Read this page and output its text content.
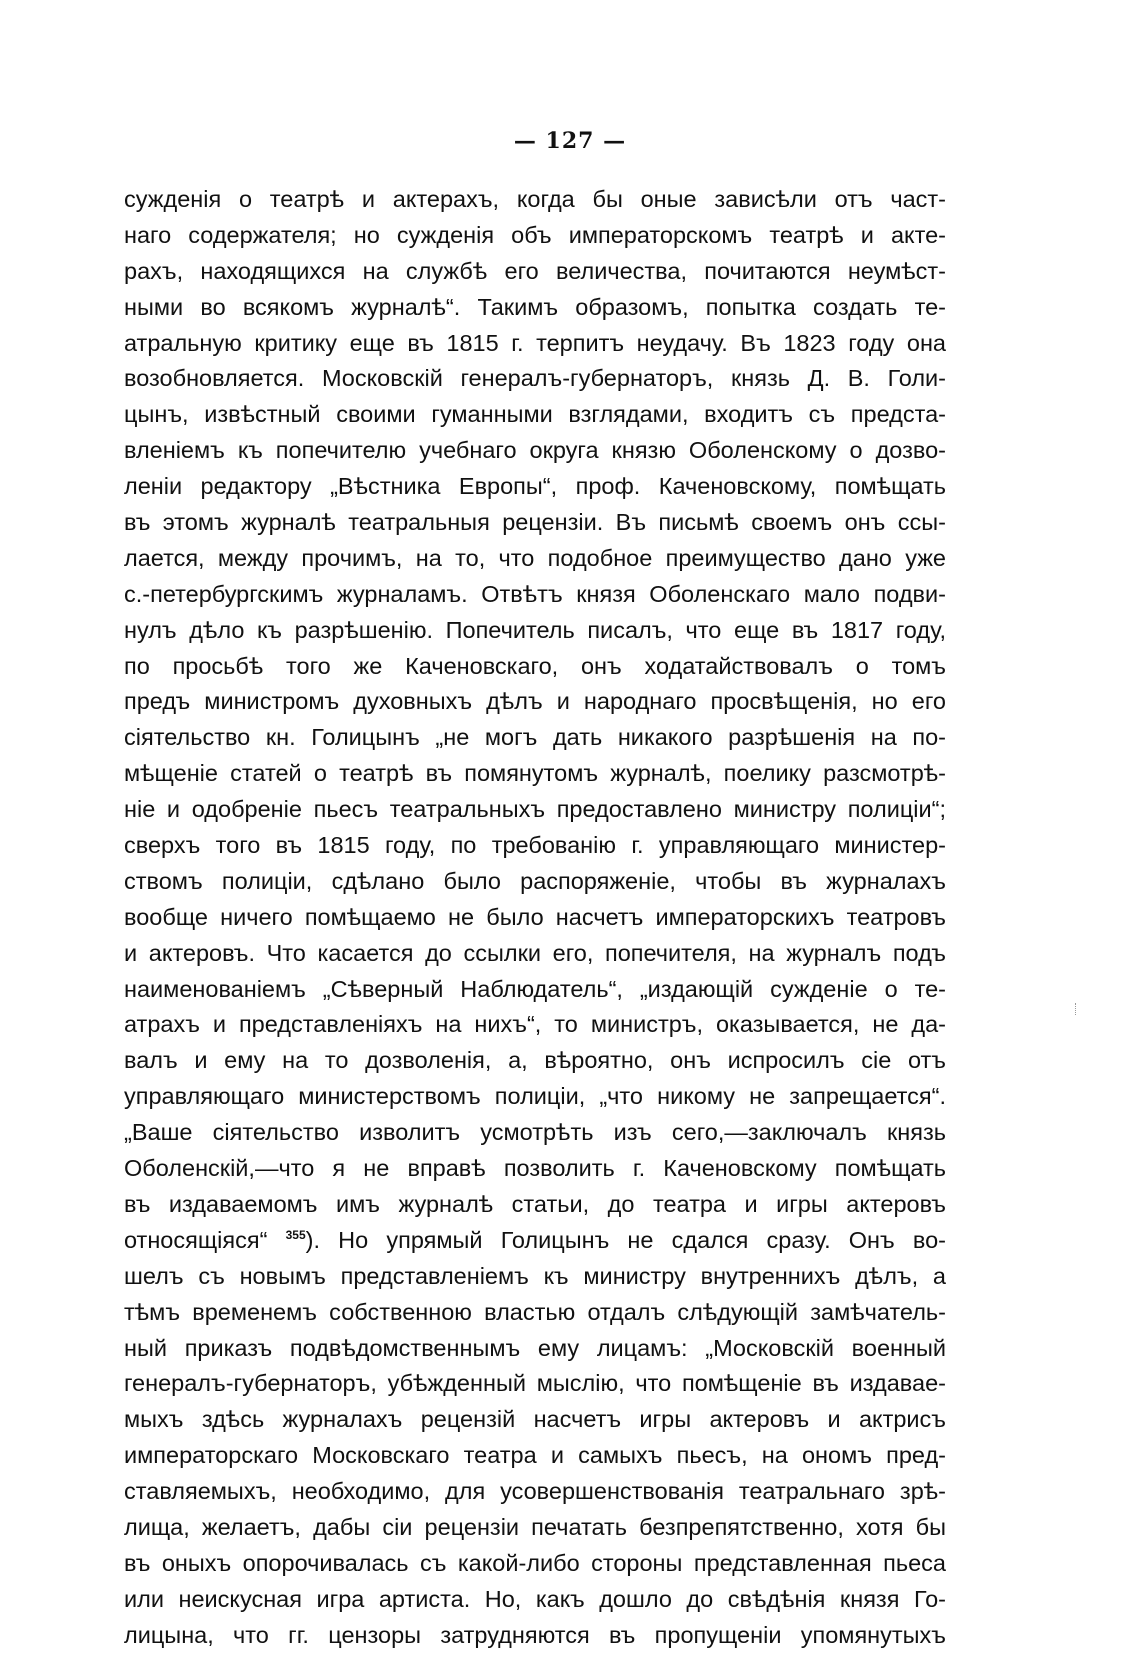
— 127 —
сужденія о театрѣ и актерахъ, когда бы оные зависѣли отъ част-
наго содержателя; но сужденія объ императорскомъ театрѣ и акте-
рахъ, находящихся на службѣ его величества, почитаются неумѣст-
ными во всякомъ журналѣ“. Такимъ образомъ, попытка создать те-
атральную критику еще въ 1815 г. терпитъ неудачу. Въ 1823 году она
возобновляется. Московскій генералъ-губернаторъ, князь Д. В. Голи-
цынъ, извѣстный своими гуманными взглядами, входитъ съ предста-
вленіемъ къ попечителю учебнаго округа князю Оболенскому о дозво-
леніи редактору „Вѣстника Европы“, проф. Каченовскому, помѣщать
въ этомъ журналѣ театральныя рецензіи. Въ письмѣ своемъ онъ ссы-
лается, между прочимъ, на то, что подобное преимущество дано уже
с.-петербургскимъ журналамъ. Отвѣтъ князя Оболенскаго мало подви-
нулъ дѣло къ разрѣшенію. Попечитель писалъ, что еще въ 1817 году,
по просьбѣ того же Каченовскаго, онъ ходатайствовалъ о томъ
предъ министромъ духовныхъ дѣлъ и народнаго просвѣщенія, но его
сіятельство кн. Голицынъ „не могъ дать никакого разрѣшенія на по-
мѣщеніе статей о театрѣ въ помянутомъ журналѣ, поелику разсмотрѣ-
ніе и одобреніе пьесъ театральныхъ предоставлено министру полиціи“;
сверхъ того въ 1815 году, по требованію г. управляющаго министер-
ствомъ полиціи, сдѣлано было распоряженіе, чтобы въ журналахъ
вообще ничего помѣщаемо не было насчетъ императорскихъ театровъ
и актеровъ. Что касается до ссылки его, попечителя, на журналъ подъ
наименованіемъ „Сѣверный Наблюдатель“, „издающій сужденіе о те-
атрахъ и представленіяхъ на нихъ“, то министръ, оказывается, не да-
валъ и ему на то дозволенія, а, вѣроятно, онъ испросилъ сіе отъ
управляющаго министерствомъ полиціи, „что никому не запрещается“.
„Ваше сіятельство изволитъ усмотрѣть изъ сего,—заключалъ князь
Оболенскій,—что я не вправѣ позволить г. Каченовскому помѣщать
въ издаваемомъ имъ журналѣ статьи, до театра и игры актеровъ
относящіяся“ $^{355}$). Но упрямый Голицынъ не сдался сразу. Онъ во-
шелъ съ новымъ представленіемъ къ министру внутреннихъ дѣлъ, а
тѣмъ временемъ собственною властью отдалъ слѣдующій замѣчатель-
ный приказъ подвѣдомственнымъ ему лицамъ: „Московскій военный
генералъ-губернаторъ, убѣжденный мыслію, что помѣщеніе въ издавае-
мыхъ здѣсь журналахъ рецензій насчетъ игры актеровъ и актрисъ
императорскаго Московскаго театра и самыхъ пьесъ, на ономъ пред-
ставляемыхъ, необходимо, для усовершенствованія театральнаго зрѣ-
лища, желаетъ, дабы сіи рецензіи печатать безпрепятственно, хотя бы
въ оныхъ опорочивалась съ какой-либо стороны представленная пьеса
или неискусная игра артиста. Но, какъ дошло до свѣдѣнія князя Го-
лицына, что гг. цензоры затрудняются въ пропущеніи упомянутыхъ
